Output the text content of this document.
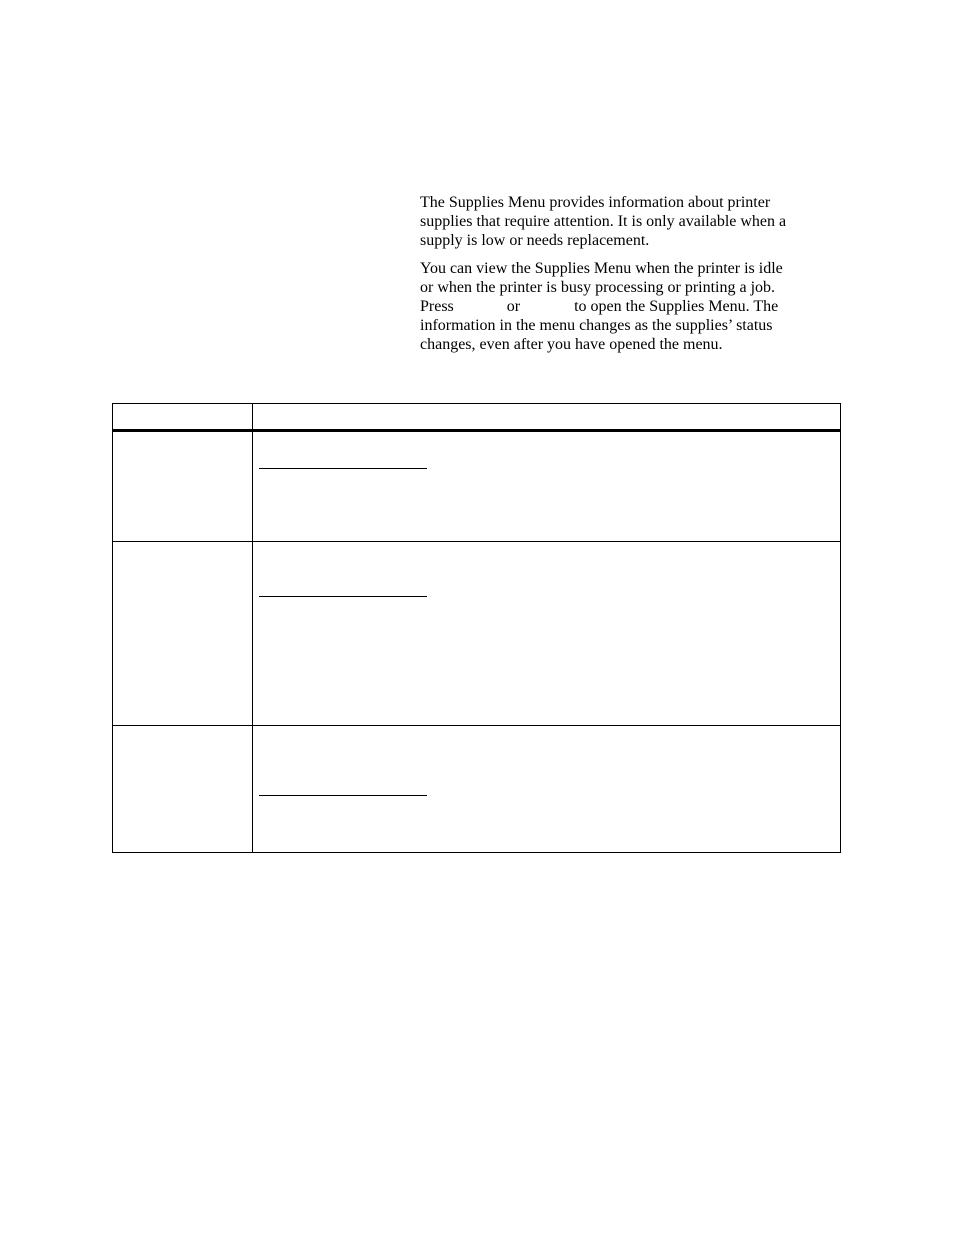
The Supplies Menu provides information about printer
supplies that require attention. It is only available when a
supply is low or needs replacement.

You can view the Supplies Menu when the printer is idle
or when the printer is busy processing or printing a job.
Press	or	to open the Supplies Menu. The
information in the menu changes as the supplies’ status
changes, even after you have opened the menu.
